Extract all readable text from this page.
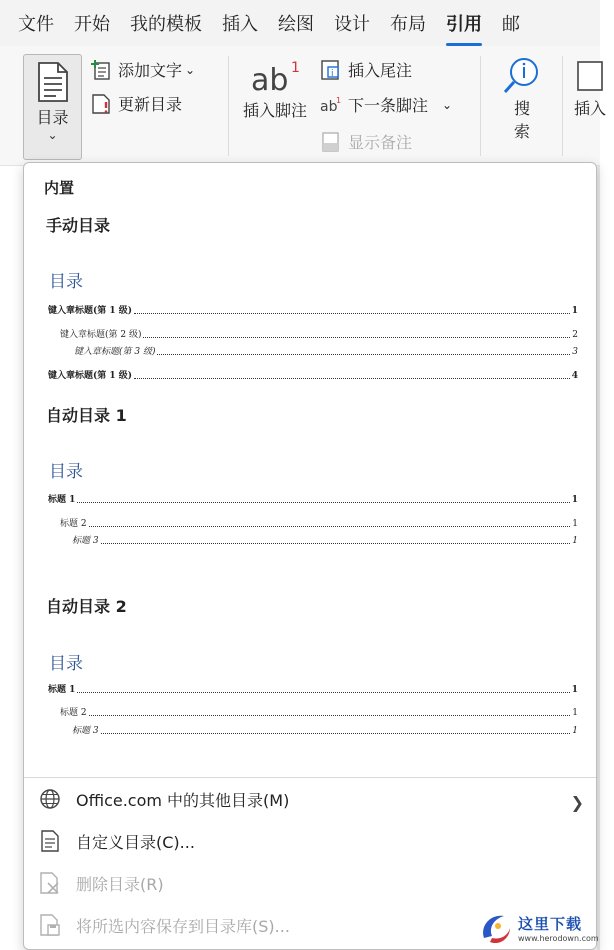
文件 开始 我的模板 插入 绘图 设计 布局 引用 邮
目录
⌄
添加文字 ⌄
更新目录
ab 1
插入脚注
i 插入尾注
ab
1 下一条脚注 ⌄
显示备注
搜
索
插入
内置
手动目录
目录
键入章标题(第 1 级)	1
键入章标题(第 2 级)	2
键入章标题(第 3 级)	3
键入章标题(第 1 级)	4
自动目录 1
目录
标题 1	1
标题 2	1
标题 3	1
自动目录 2
目录
标题 1	1
标题 2	1
标题 3	1
Office.com 中的其他目录(M)	❯
自定义目录(C)...
删除目录(R)
将所选内容保存到目录库(S)...	这里下载
www.herodown.com
